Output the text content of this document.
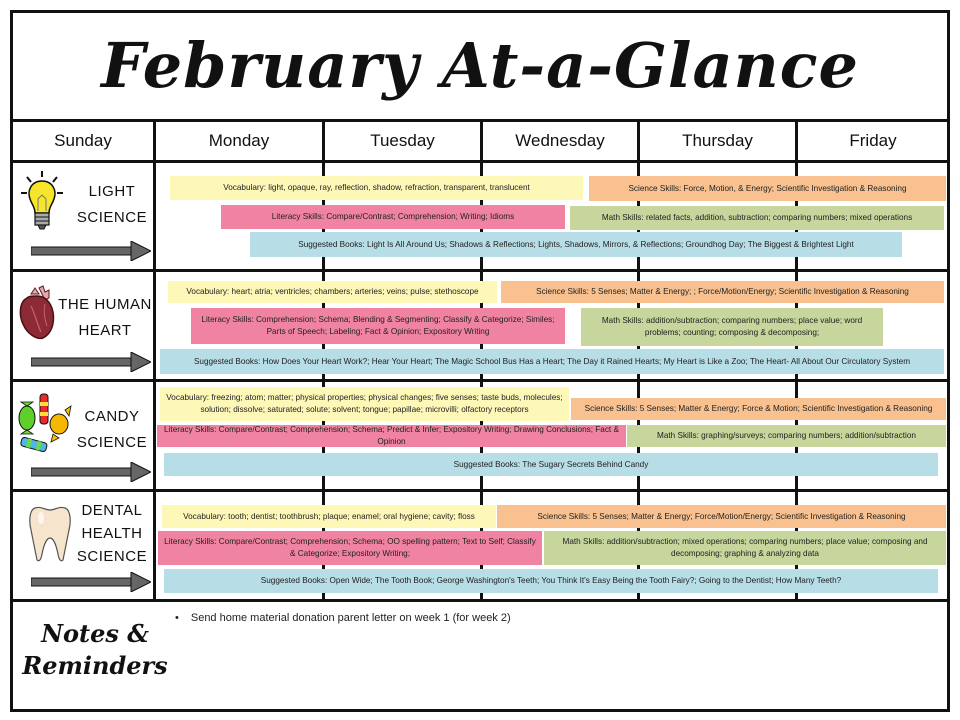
February At-a-Glance
Sunday	Monday	Tuesday	Wednesday	Thursday	Friday
LIGHT
SCIENCE
Vocabulary: light, opaque, ray, reflection, shadow, refraction, transparent, translucent	Science Skills: Force, Motion, & Energy; Scientific Investigation & Reasoning
Literacy Skills: Compare/Contrast; Comprehension; Writing; Idioms	Math Skills: related facts, addition, subtraction; comparing numbers; mixed operations
Suggested Books: Light Is All Around Us; Shadows & Reflections; Lights, Shadows, Mirrors, & Reflections; Groundhog Day; The Biggest & Brightest Light
THE HUMAN
HEART
Vocabulary: heart; atria; ventricles; chambers; arteries; veins; pulse; stethoscope	Science Skills: 5 Senses; Matter & Energy; ; Force/Motion/Energy; Scientific Investigation & Reasoning
Literacy Skills: Comprehension; Schema; Blending & Segmenting; Classify & Categorize; Similes; Parts of Speech; Labeling; Fact & Opinion; Expository Writing
Math Skills: addition/subtraction; comparing numbers; place value; word problems; counting; composing & decomposing;
Suggested Books: How Does Your Heart Work?; Hear Your Heart; The Magic School Bus Has a Heart; The Day it Rained Hearts; My Heart is Like a Zoo; The Heart- All About Our Circulatory System
CANDY
SCIENCE
Vocabulary: freezing; atom; matter; physical properties; physical changes; five senses; taste buds, molecules; solution; dissolve; saturated; solute; solvent; tongue; papillae; microvilli; olfactory receptors	Science Skills: 5 Senses; Matter & Energy; Force & Motion; Scientific Investigation & Reasoning
Literacy Skills: Compare/Contrast; Comprehension; Schema; Predict & Infer; Expository Writing; Drawing Conclusions; Fact & Opinion
Math Skills: graphing/surveys; comparing numbers; addition/subtraction
Suggested Books: The Sugary Secrets Behind Candy
DENTAL
HEALTH
SCIENCE
Vocabulary: tooth; dentist; toothbrush; plaque; enamel; oral hygiene; cavity; floss	Science Skills: 5 Senses; Matter & Energy; Force/Motion/Energy; Scientific Investigation & Reasoning
Literacy Skills: Compare/Contrast; Comprehension; Schema; OO spelling pattern; Text to Self; Classify & Categorize; Expository Writing;
Math Skills: addition/subtraction; mixed operations; comparing numbers; place value; composing and decomposing; graphing & analyzing data
Suggested Books: Open Wide; The Tooth Book; George Washington's Teeth; You Think It's Easy Being the Tooth Fairy?; Going to the Dentist; How Many Teeth?
Notes &
Reminders
• Send home material donation parent letter on week 1 (for week 2)
